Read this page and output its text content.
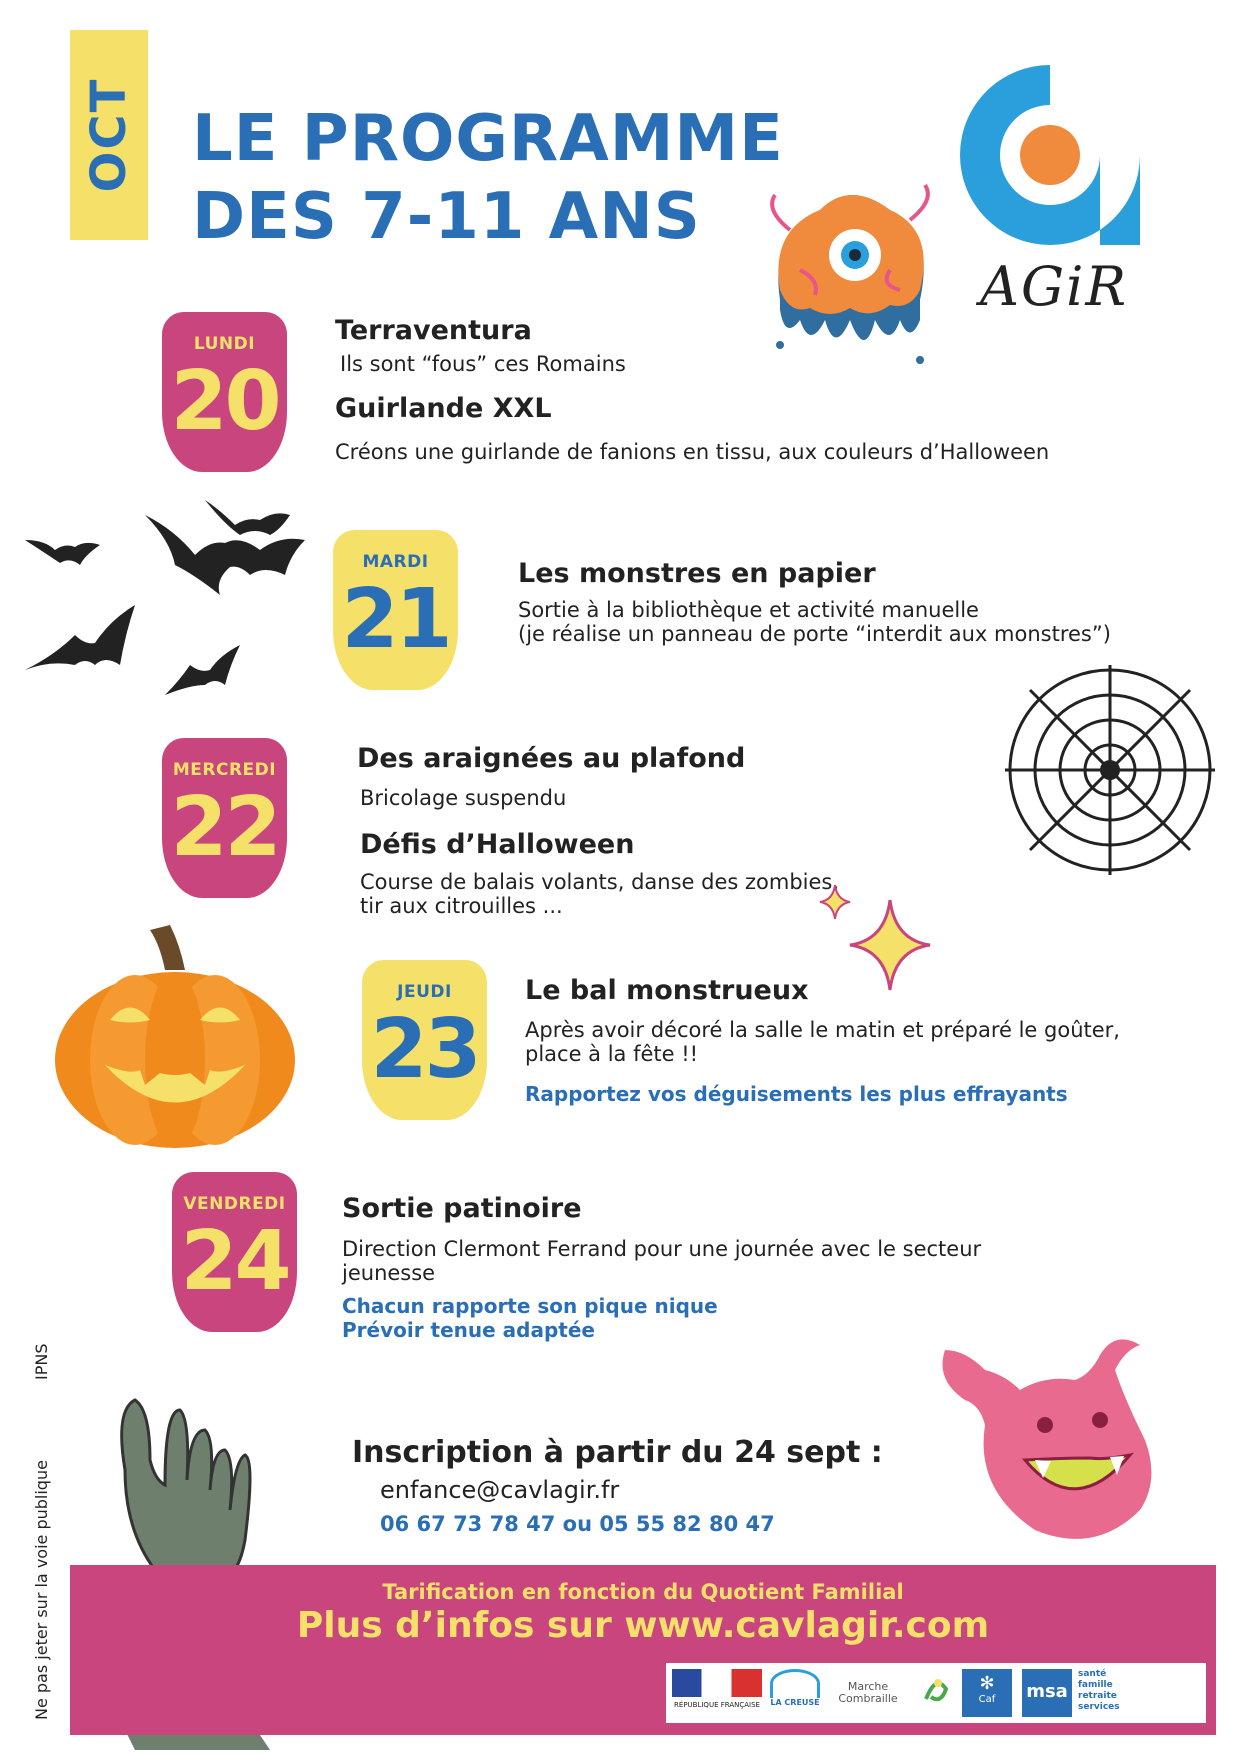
OCT LE PROGRAMME
DES 7-11 ANS
AGiR
LUNDI
20
Terraventura
Ils sont “fous” ces Romains
Guirlande XXL
Créons une guirlande de fanions en tissu, aux couleurs d’Halloween
MARDI
21	Les monstres en papier
Sortie à la bibliothèque et activité manuelle
(je réalise un panneau de porte “interdit aux monstres”)
MERCREDI
22
Des araignées au plafond
Bricolage suspendu
Défis d’Halloween
Course de balais volants, danse des zombies,
tir aux citrouilles ...
JEUDI
23
Le bal monstrueux
Après avoir décoré la salle le matin et préparé le goûter,
place à la fête !!
Rapportez vos déguisements les plus effrayants
VENDREDI
24
Sortie patinoire
Direction Clermont Ferrand pour une journée avec le secteur
jeunesse
Chacun rapporte son pique nique
Prévoir tenue adaptée
Inscription à partir du 24 sept :
enfance@cavlagir.fr
06 67 73 78 47 ou 05 55 82 80 47
Tarification en fonction du Quotient Familial
Plus d’infos sur www.cavlagir.com
RÉPUBLIQUE FRANÇAISE LA CREUSE
Marche Combraille
✻
Caf	msa
santé
famille
retraite
services
IPNS
Ne pas jeter sur la voie publique
